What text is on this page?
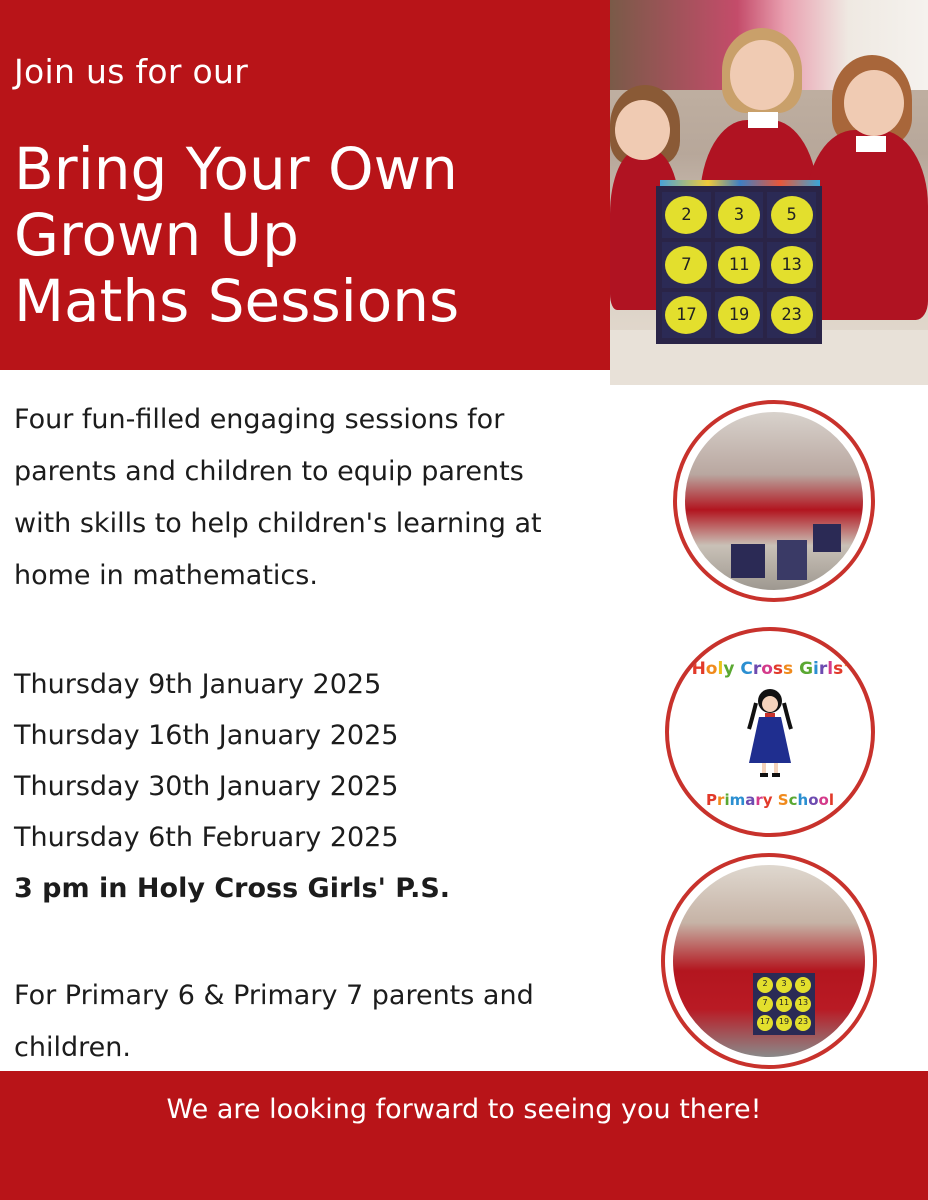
Join us for our
Bring Your Own
Grown Up
Maths Sessions
2	3	5
7	11	13
17	19	23
Four fun-filled engaging sessions for
parents and children to equip parents
with skills to help children's learning at
home in mathematics.
Thursday 9th January 2025
Thursday 16th January 2025
Thursday 30th January 2025
Thursday 6th February 2025
3 pm in Holy Cross Girls' P.S.
For Primary 6 & Primary 7 parents and
children.
Holy Cross Girls'
Primary School
2	3	5
7	11	13
17	19	23
We are looking forward to seeing you there!
